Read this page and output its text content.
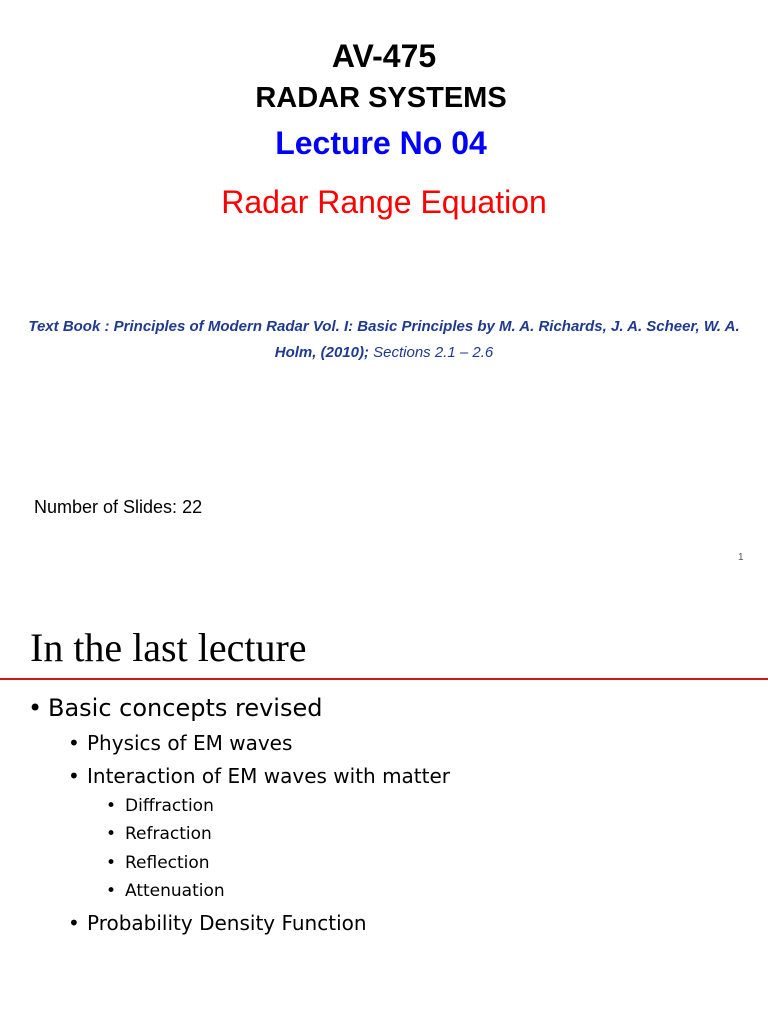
AV-475
RADAR SYSTEMS
Lecture No 04
Radar Range Equation
Text Book : Principles of Modern Radar Vol. I: Basic Principles by M. A. Richards, J. A. Scheer, W. A. Holm, (2010); Sections 2.1 – 2.6
Number of Slides: 22
1
In the last lecture
• Basic concepts revised
• Physics of EM waves
• Interaction of EM waves with matter
• Diffraction
• Refraction
• Reflection
• Attenuation
• Probability Density Function
